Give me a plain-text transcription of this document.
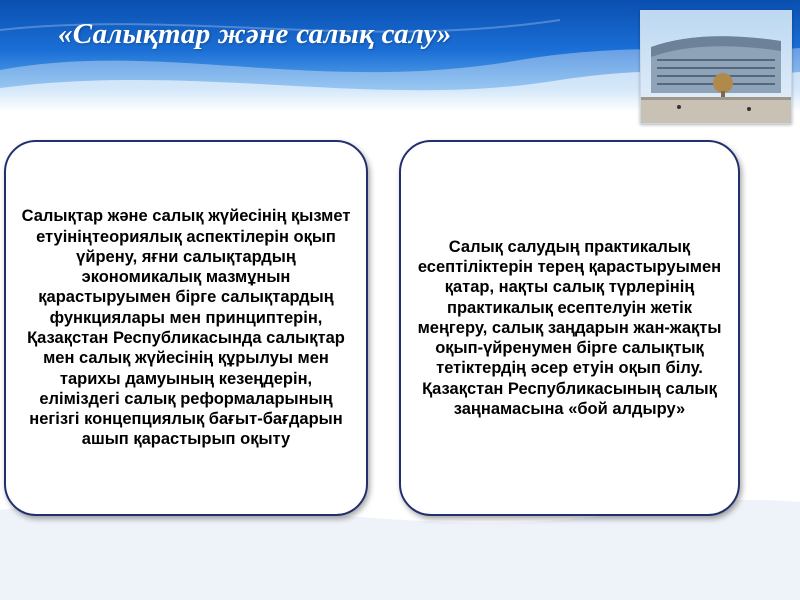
«Салықтар және салық салу»

Салықтар және салық жүйесінің қызмет етуініңтеориялық аспектілерін оқып үйрену, яғни салықтардың экономикалық мазмұнын қарастыруымен бірге салықтардың функциялары мен принциптерін, Қазақстан Республикасында салықтар мен салық жүйесінің құрылуы мен тарихы дамуының кезеңдерін, еліміздегі салық реформаларының негізгі концепциялық бағыт-бағдарын ашып қарастырып оқыту

Салық салудың практикалық есептіліктерін терең қарастыруымен қатар, нақты салық түрлерінің практикалық есептелуін жетік меңгеру, салық заңдарын жан-жақты оқып-үйренумен бірге салықтық тетіктердің әсер етуін оқып білу. Қазақстан Республикасының салық заңнамасына «бой алдыру»
